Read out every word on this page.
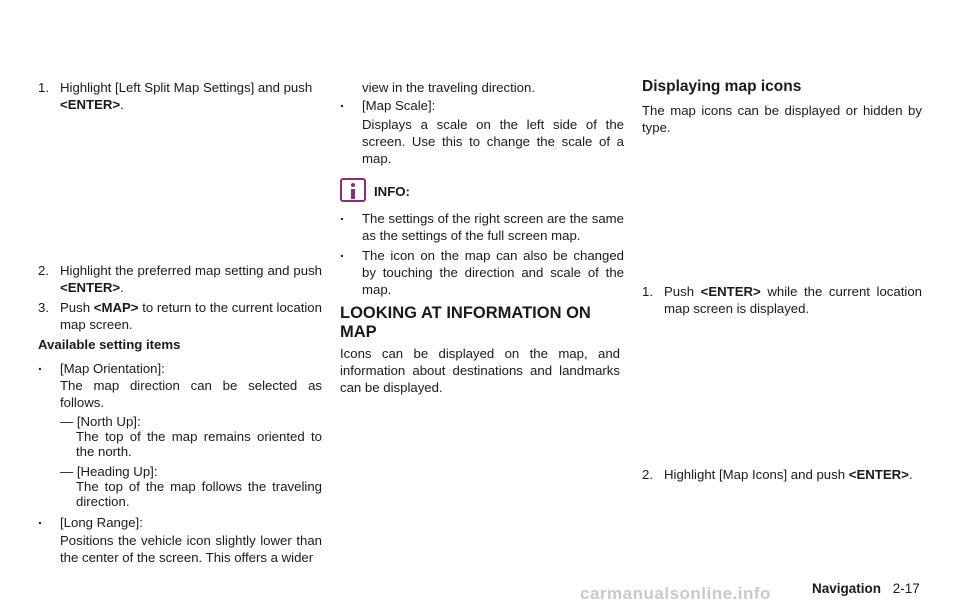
1. Highlight [Left Split Map Settings] and push
<ENTER>.
2. Highlight the preferred map setting and push <ENTER>.
3. Push <MAP> to return to the current location map screen.
Available setting items
. [Map Orientation]:
The map direction can be selected as follows.
— [North Up]:
The top of the map remains oriented to the north.
— [Heading Up]:
The top of the map follows the traveling direction.
. [Long Range]:
Positions the vehicle icon slightly lower than the center of the screen. This offers a wider
view in the traveling direction.
. [Map Scale]:
Displays a scale on the left side of the screen. Use this to change the scale of a map.
INFO:
. The settings of the right screen are the same as the settings of the full screen map.
. The icon on the map can also be changed by touching the direction and scale of the map.
LOOKING AT INFORMATION ON MAP
Icons can be displayed on the map, and information about destinations and landmarks can be displayed.
Displaying map icons
The map icons can be displayed or hidden by type.
1. Push <ENTER> while the current location map screen is displayed.
2. Highlight [Map Icons] and push <ENTER>.
carmanualsonline.info	Navigation 2-17
